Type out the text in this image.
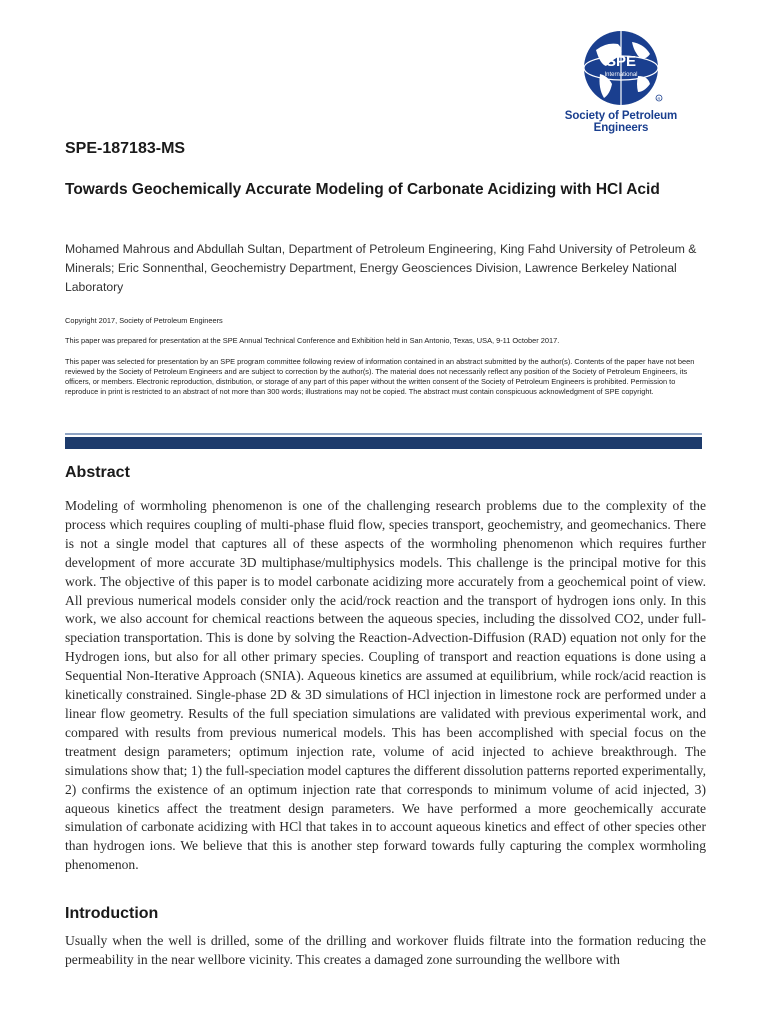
SPE
International
R
Society of Petroleum Engineers
SPE-187183-MS
Towards Geochemically Accurate Modeling of Carbonate Acidizing with HCl Acid
Mohamed Mahrous and Abdullah Sultan, Department of Petroleum Engineering, King Fahd University of Petroleum & Minerals; Eric Sonnenthal, Geochemistry Department, Energy Geosciences Division, Lawrence Berkeley National Laboratory
Copyright 2017, Society of Petroleum Engineers
This paper was prepared for presentation at the SPE Annual Technical Conference and Exhibition held in San Antonio, Texas, USA, 9-11 October 2017.
This paper was selected for presentation by an SPE program committee following review of information contained in an abstract submitted by the author(s). Contents of the paper have not been reviewed by the Society of Petroleum Engineers and are subject to correction by the author(s). The material does not necessarily reflect any position of the Society of Petroleum Engineers, its officers, or members. Electronic reproduction, distribution, or storage of any part of this paper without the written consent of the Society of Petroleum Engineers is prohibited. Permission to reproduce in print is restricted to an abstract of not more than 300 words; illustrations may not be copied. The abstract must contain conspicuous acknowledgment of SPE copyright.
Abstract
Modeling of wormholing phenomenon is one of the challenging research problems due to the complexity of the process which requires coupling of multi-phase fluid flow, species transport, geochemistry, and geomechanics. There is not a single model that captures all of these aspects of the wormholing phenomenon which requires further development of more accurate 3D multiphase/multiphysics models. This challenge is the principal motive for this work. The objective of this paper is to model carbonate acidizing more accurately from a geochemical point of view. All previous numerical models consider only the acid/rock reaction and the transport of hydrogen ions only. In this work, we also account for chemical reactions between the aqueous species, including the dissolved CO2, under full-speciation transportation. This is done by solving the Reaction-Advection-Diffusion (RAD) equation not only for the Hydrogen ions, but also for all other primary species. Coupling of transport and reaction equations is done using a Sequential Non-Iterative Approach (SNIA). Aqueous kinetics are assumed at equilibrium, while rock/acid reaction is kinetically constrained. Single-phase 2D & 3D simulations of HCl injection in limestone rock are performed under a linear flow geometry. Results of the full speciation simulations are validated with previous experimental work, and compared with results from previous numerical models. This has been accomplished with special focus on the treatment design parameters; optimum injection rate, volume of acid injected to achieve breakthrough. The simulations show that; 1) the full-speciation model captures the different dissolution patterns reported experimentally, 2) confirms the existence of an optimum injection rate that corresponds to minimum volume of acid injected, 3) aqueous kinetics affect the treatment design parameters. We have performed a more geochemically accurate simulation of carbonate acidizing with HCl that takes in to account aqueous kinetics and effect of other species other than hydrogen ions. We believe that this is another step forward towards fully capturing the complex wormholing phenomenon.
Introduction
Usually when the well is drilled, some of the drilling and workover fluids filtrate into the formation reducing the permeability in the near wellbore vicinity. This creates a damaged zone surrounding the wellbore with
